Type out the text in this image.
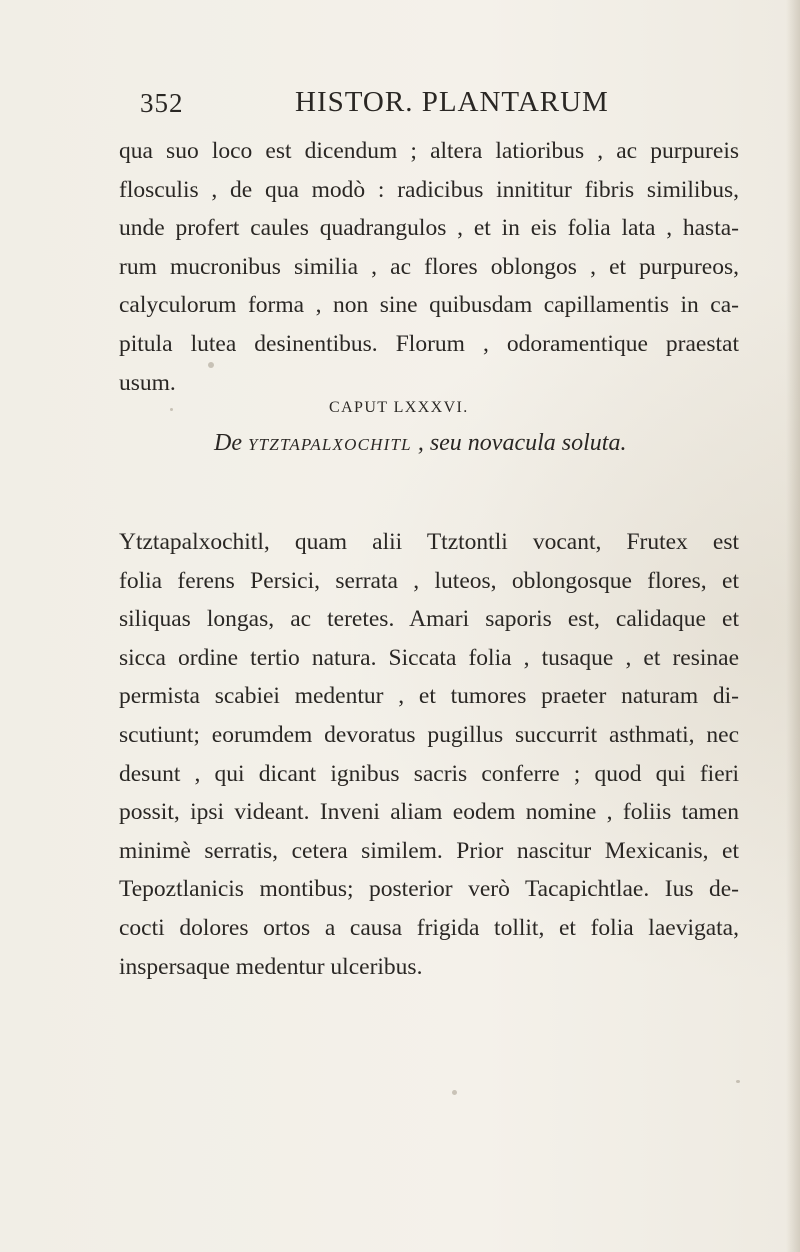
352	HISTOR. PLANTARUM
qua suo loco est dicendum ; altera latioribus , ac purpureis
flosculis , de qua modò : radicibus innititur fibris similibus,
unde profert caules quadrangulos , et in eis folia lata , hasta-
rum mucronibus similia , ac flores oblongos , et purpureos,
calyculorum forma , non sine quibusdam capillamentis in ca-
pitula lutea desinentibus. Florum , odoramentique praestat
usum.
CAPUT LXXXVI.
De YTZTAPALXOCHITL , seu novacula soluta.
Ytztapalxochitl, quam alii Ttztontli vocant, Frutex est
folia ferens Persici, serrata , luteos, oblongosque flores, et
siliquas longas, ac teretes. Amari saporis est, calidaque et
sicca ordine tertio natura. Siccata folia , tusaque , et resinae
permista scabiei medentur , et tumores praeter naturam di-
scutiunt; eorumdem devoratus pugillus succurrit asthmati, nec
desunt , qui dicant ignibus sacris conferre ; quod qui fieri
possit, ipsi videant. Inveni aliam eodem nomine , foliis tamen
minimè serratis, cetera similem. Prior nascitur Mexicanis, et
Tepoztlanicis montibus; posterior verò Tacapichtlae. Ius de-
cocti dolores ortos a causa frigida tollit, et folia laevigata,
inspersaque medentur ulceribus.
